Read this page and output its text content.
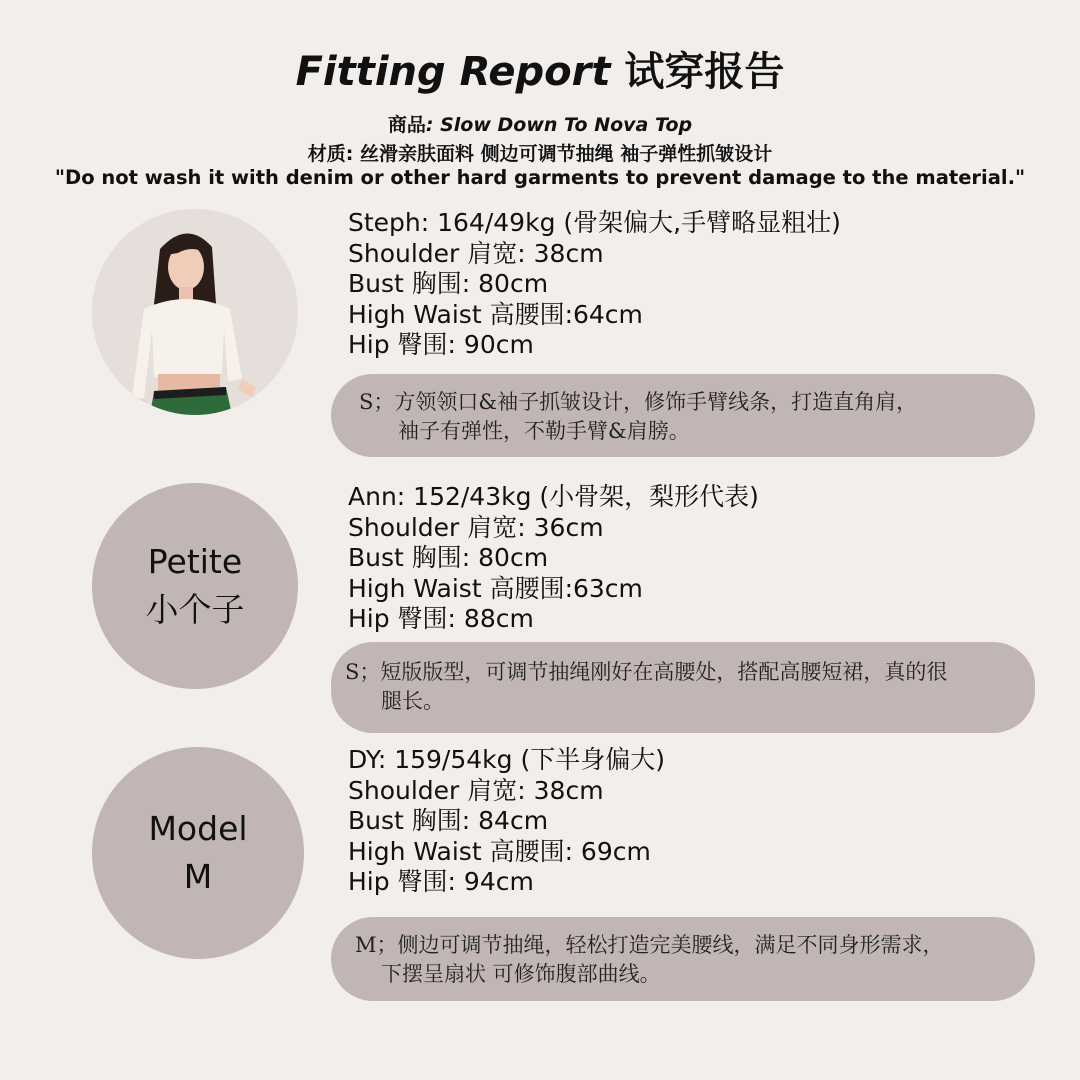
Fitting Report 试穿报告
商品: Slow Down To Nova Top
材质: 丝滑亲肤面料 侧边可调节抽绳 袖子弹性抓皱设计
"Do not wash it with denim or other hard garments to prevent damage to the material."
Steph: 164/49kg (骨架偏大,手臂略显粗壮)
Shoulder 肩宽: 38cm
Bust 胸围: 80cm
High Waist 高腰围:64cm
Hip 臀围: 90cm
S；方领领口&袖子抓皱设计，修饰手臂线条，打造直角肩，
袖子有弹性，不勒手臂&肩膀。
Petite
小个子
Ann: 152/43kg (小骨架，梨形代表)
Shoulder 肩宽: 36cm
Bust 胸围: 80cm
High Waist 高腰围:63cm
Hip 臀围: 88cm
S；短版版型，可调节抽绳刚好在高腰处，搭配高腰短裙，真的很
腿长。
Model
M
DY: 159/54kg (下半身偏大)
Shoulder 肩宽: 38cm
Bust 胸围: 84cm
High Waist 高腰围: 69cm
Hip 臀围: 94cm
M；侧边可调节抽绳，轻松打造完美腰线，满足不同身形需求，
下摆呈扇状 可修饰腹部曲线。
